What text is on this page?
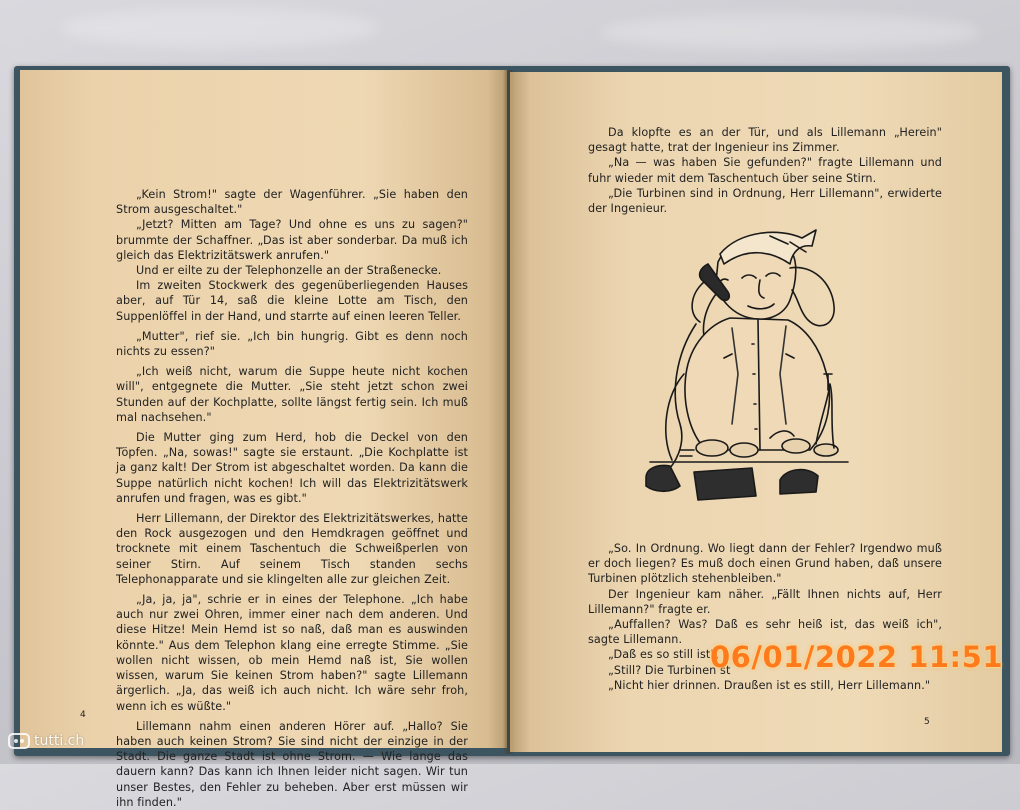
„Kein Strom!" sagte der Wagenführer. „Sie haben den Strom ausgeschaltet."

„Jetzt? Mitten am Tage? Und ohne es uns zu sagen?" brummte der Schaffner. „Das ist aber sonderbar. Da muß ich gleich das Elektrizitätswerk anrufen."

Und er eilte zu der Telephonzelle an der Straßenecke.

Im zweiten Stockwerk des gegenüberliegenden Hauses aber, auf Tür 14, saß die kleine Lotte am Tisch, den Suppenlöffel in der Hand, und starrte auf einen leeren Teller.

„Mutter", rief sie. „Ich bin hungrig. Gibt es denn noch nichts zu essen?"

„Ich weiß nicht, warum die Suppe heute nicht kochen will", entgegnete die Mutter. „Sie steht jetzt schon zwei Stunden auf der Kochplatte, sollte längst fertig sein. Ich muß mal nachsehen."

Die Mutter ging zum Herd, hob die Deckel von den Töpfen. „Na, sowas!" sagte sie erstaunt. „Die Kochplatte ist ja ganz kalt! Der Strom ist abgeschaltet worden. Da kann die Suppe natürlich nicht kochen! Ich will das Elektrizitätswerk anrufen und fragen, was es gibt."

Herr Lillemann, der Direktor des Elektrizitätswerkes, hatte den Rock ausgezogen und den Hemdkragen geöffnet und trocknete mit einem Taschentuch die Schweißperlen von seiner Stirn. Auf seinem Tisch standen sechs Telephonapparate und sie klingelten alle zur gleichen Zeit.

„Ja, ja, ja", schrie er in eines der Telephone. „Ich habe auch nur zwei Ohren, immer einer nach dem anderen. Und diese Hitze! Mein Hemd ist so naß, daß man es auswinden könnte." Aus dem Telephon klang eine erregte Stimme. „Sie wollen nicht wissen, ob mein Hemd naß ist, Sie wollen wissen, warum Sie keinen Strom haben?" sagte Lillemann ärgerlich. „Ja, das weiß ich auch nicht. Ich wäre sehr froh, wenn ich es wüßte."

Lillemann nahm einen anderen Hörer auf. „Hallo? Sie haben auch keinen Strom? Sie sind nicht der einzige in der Stadt. Die ganze Stadt ist ohne Strom. — Wie lange das dauern kann? Das kann ich Ihnen leider nicht sagen. Wir tun unser Bestes, den Fehler zu beheben. Aber erst müssen wir ihn finden."

4

Da klopfte es an der Tür, und als Lillemann „Herein" gesagt hatte, trat der Ingenieur ins Zimmer.

„Na — was haben Sie gefunden?" fragte Lillemann und fuhr wieder mit dem Taschentuch über seine Stirn.

„Die Turbinen sind in Ordnung, Herr Lillemann", erwiderte der Ingenieur.

„So. In Ordnung. Wo liegt dann der Fehler? Irgendwo muß er doch liegen? Es muß doch einen Grund haben, daß unsere Turbinen plötzlich stehenbleiben."

Der Ingenieur kam näher. „Fällt Ihnen nichts auf, Herr Lillemann?" fragte er.

„Auffallen? Was? Daß es sehr heiß ist, das weiß ich", sagte Lillemann.

„Daß es so still ist",

„Still? Die Turbinen st

„Nicht hier drinnen. Draußen ist es still, Herr Lillemann."

5
06/01/2022 11:51
tutti.ch
